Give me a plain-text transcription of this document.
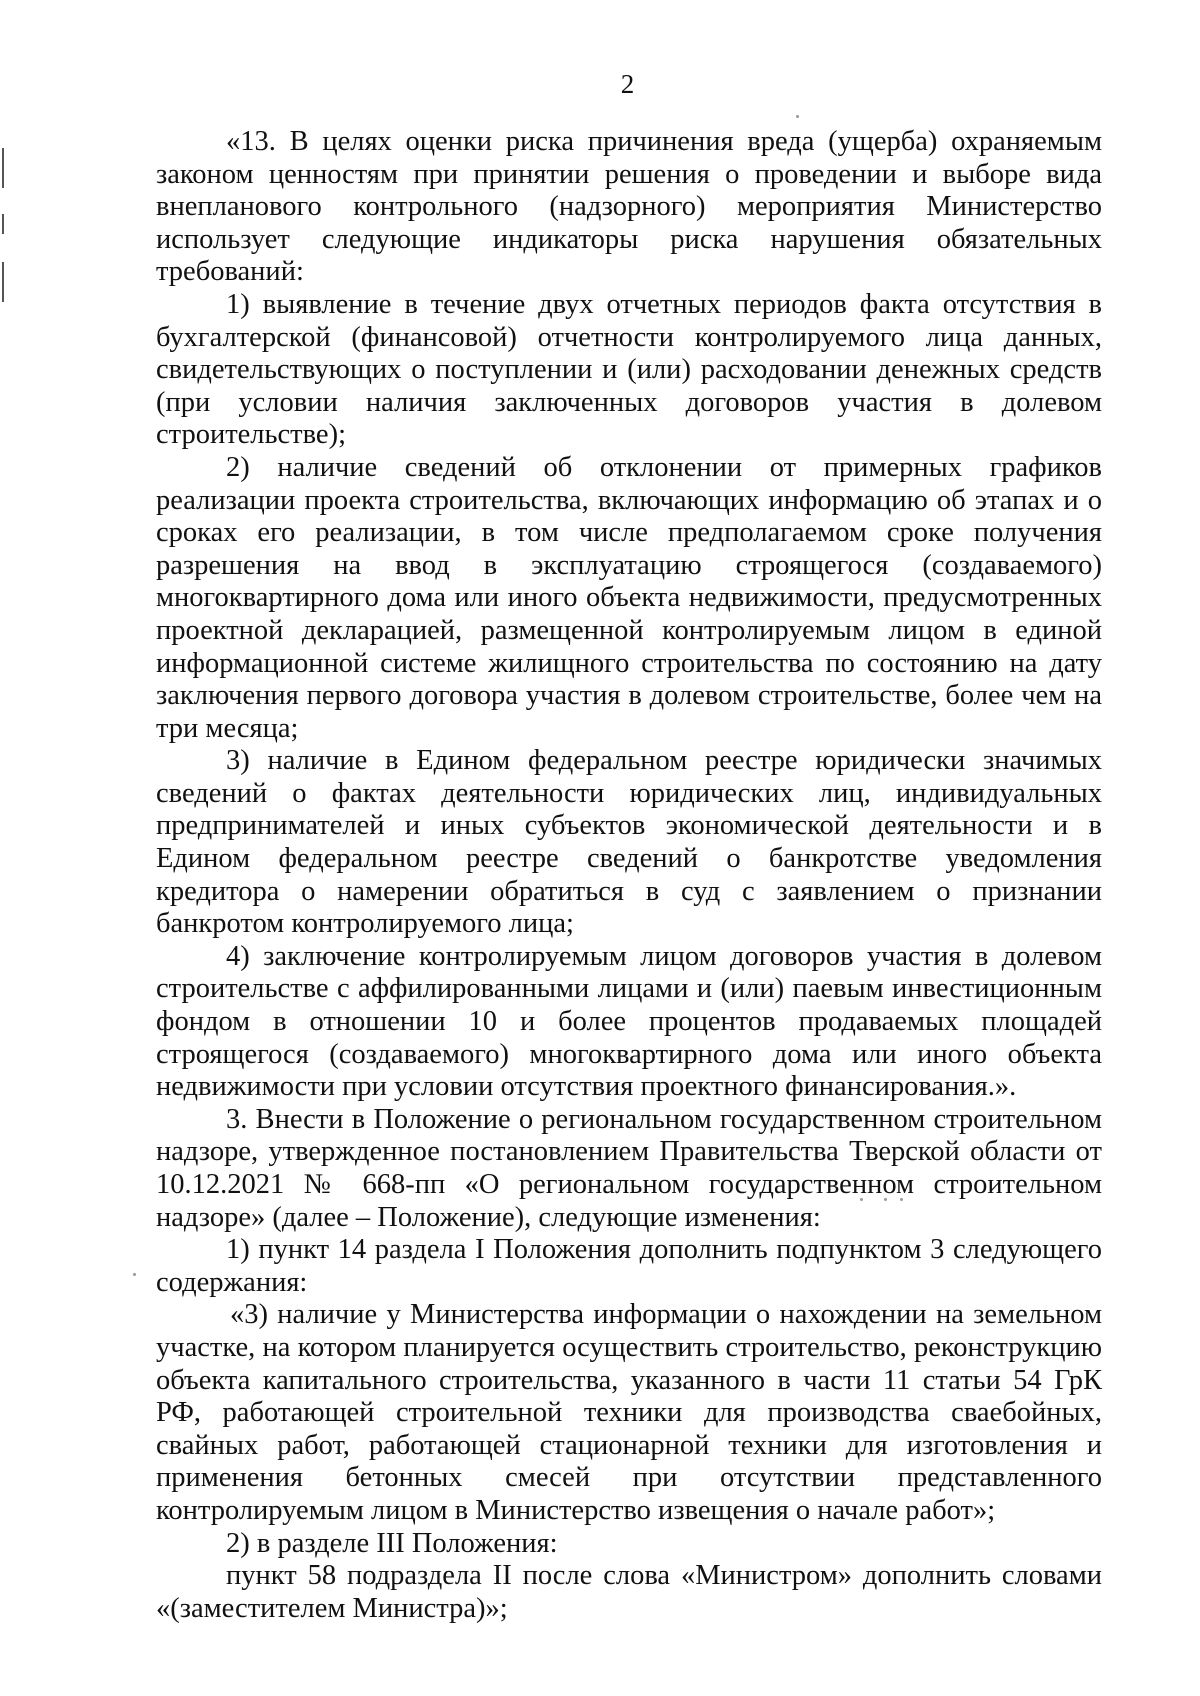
2

«13. В целях оценки риска причинения вреда (ущерба) охраняемым законом ценностям при принятии решения о проведении и выборе вида внепланового контрольного (надзорного) мероприятия Министерство использует следующие индикаторы риска нарушения обязательных требований:

1) выявление в течение двух отчетных периодов факта отсутствия в бухгалтерской (финансовой) отчетности контролируемого лица данных, свидетельствующих о поступлении и (или) расходовании денежных средств (при условии наличия заключенных договоров участия в долевом строительстве);

2) наличие сведений об отклонении от примерных графиков реализации проекта строительства, включающих информацию об этапах и о сроках его реализации, в том числе предполагаемом сроке получения разрешения на ввод в эксплуатацию строящегося (создаваемого) многоквартирного дома или иного объекта недвижимости, предусмотренных проектной декларацией, размещенной контролируемым лицом в единой информационной системе жилищного строительства по состоянию на дату заключения первого договора участия в долевом строительстве, более чем на три месяца;

3) наличие в Едином федеральном реестре юридически значимых сведений о фактах деятельности юридических лиц, индивидуальных предпринимателей и иных субъектов экономической деятельности и в Едином федеральном реестре сведений о банкротстве уведомления кредитора о намерении обратиться в суд с заявлением о признании банкротом контролируемого лица;

4) заключение контролируемым лицом договоров участия в долевом строительстве с аффилированными лицами и (или) паевым инвестиционным фондом в отношении 10 и более процентов продаваемых площадей строящегося (создаваемого) многоквартирного дома или иного объекта недвижимости при условии отсутствия проектного финансирования.».

3. Внести в Положение о региональном государственном строительном надзоре, утвержденное постановлением Правительства Тверской области от 10.12.2021 № 668-пп «О региональном государственном строительном надзоре» (далее – Положение), следующие изменения:

1) пункт 14 раздела I Положения дополнить подпунктом 3 следующего содержания:

«3) наличие у Министерства информации о нахождении на земельном участке, на котором планируется осуществить строительство, реконструкцию объекта капитального строительства, указанного в части 11 статьи 54 ГрК РФ, работающей строительной техники для производства сваебойных, свайных работ, работающей стационарной техники для изготовления и применения бетонных смесей при отсутствии представленного контролируемым лицом в Министерство извещения о начале работ»;

2) в разделе III Положения:

пункт 58 подраздела II после слова «Министром» дополнить словами «(заместителем Министра)»;
